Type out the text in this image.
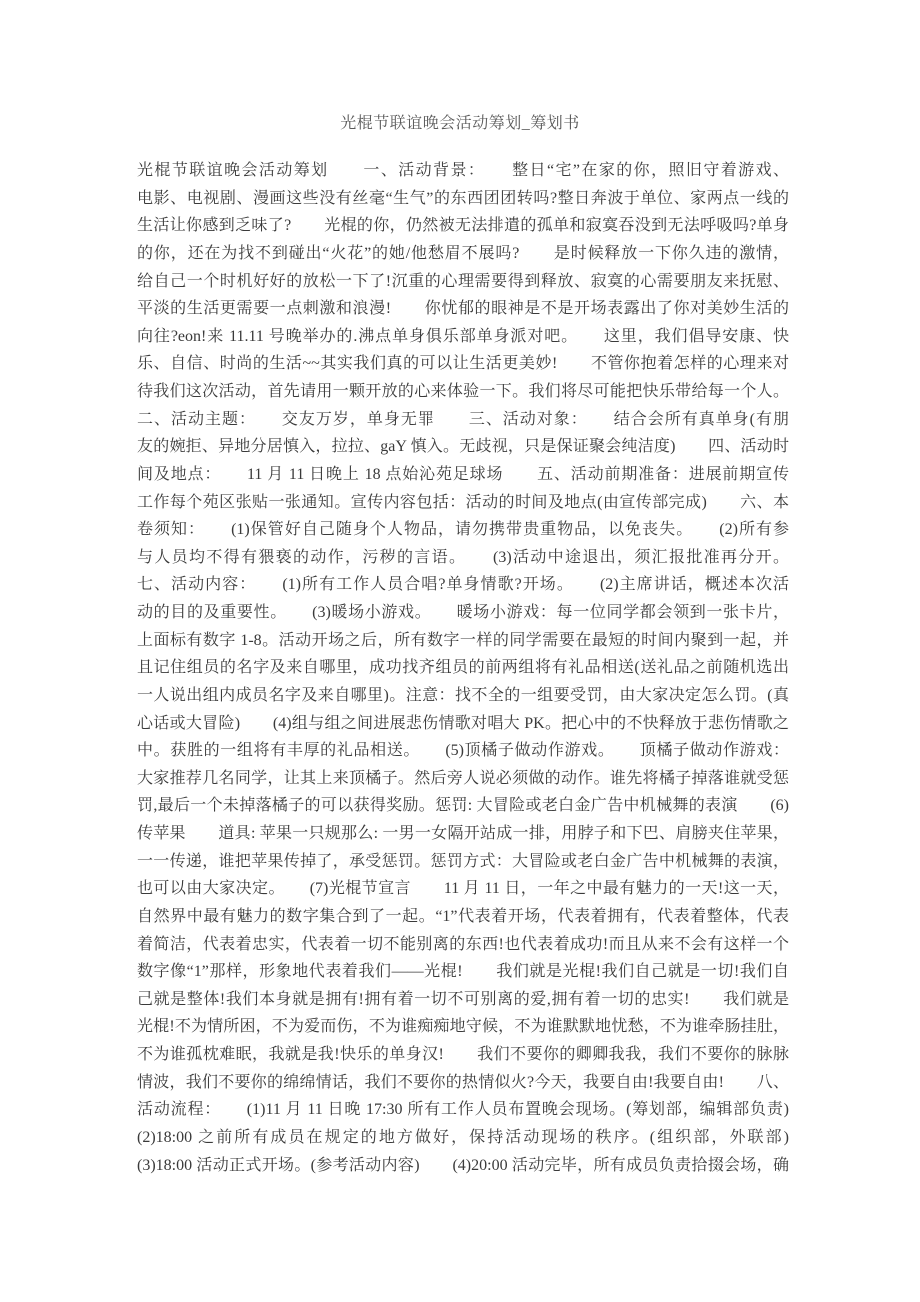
光棍节联谊晚会活动筹划_筹划书
光棍节联谊晚会活动筹划　　一、活动背景：　　整日“宅”在家的你，照旧守着游戏、
电影、电视剧、漫画这些没有丝毫“生气”的东西团团转吗?整日奔波于单位、家两点一线的
生活让你感到乏味了?　　光棍的你，仍然被无法排遣的孤单和寂寞吞没到无法呼吸吗?单身
的你，还在为找不到碰出“火花”的她/他愁眉不展吗?　　是时候释放一下你久违的激情，
给自己一个时机好好的放松一下了!沉重的心理需要得到释放、寂寞的心需要朋友来抚慰、
平淡的生活更需要一点刺激和浪漫!　　你忧郁的眼神是不是开场表露出了你对美妙生活的
向往?eon!来 11.11 号晚举办的.沸点单身俱乐部单身派对吧。　　这里，我们倡导安康、快
乐、自信、时尚的生活~~其实我们真的可以让生活更美妙!　　不管你抱着怎样的心理来对
待我们这次活动，首先请用一颗开放的心来体验一下。我们将尽可能把快乐带给每一个人。
二、活动主题：　　交友万岁，单身无罪　　三、活动对象：　　结合会所有真单身(有朋
友的婉拒、异地分居慎入，拉拉、gaY 慎入。无歧视，只是保证聚会纯洁度)　　四、活动时
间及地点：　　11 月 11 日晚上 18 点始沁苑足球场　　五、活动前期准备：进展前期宣传
工作每个苑区张贴一张通知。宣传内容包括：活动的时间及地点(由宣传部完成)　　六、本
卷须知：　　(1)保管好自己随身个人物品，请勿携带贵重物品，以免丧失。　　(2)所有参
与人员均不得有猥亵的动作，污秽的言语。　　(3)活动中途退出，须汇报批准再分开。
七、活动内容：　　(1)所有工作人员合唱?单身情歌?开场。　　(2)主席讲话，概述本次活
动的目的及重要性。　　(3)暖场小游戏。　　暖场小游戏：每一位同学都会领到一张卡片，
上面标有数字 1-8。活动开场之后，所有数字一样的同学需要在最短的时间内聚到一起，并
且记住组员的名字及来自哪里，成功找齐组员的前两组将有礼品相送(送礼品之前随机选出
一人说出组内成员名字及来自哪里)。注意：找不全的一组要受罚，由大家决定怎么罚。(真
心话或大冒险)　　(4)组与组之间进展悲伤情歌对唱大 PK。把心中的不快释放于悲伤情歌之
中。获胜的一组将有丰厚的礼品相送。　　(5)顶橘子做动作游戏。　　顶橘子做动作游戏：
大家推荐几名同学，让其上来顶橘子。然后旁人说必须做的动作。谁先将橘子掉落谁就受惩
罚,最后一个未掉落橘子的可以获得奖励。惩罚: 大冒险或老白金广告中机械舞的表演　　(6)
传苹果　　道具: 苹果一只规那么: 一男一女隔开站成一排，用脖子和下巴、肩膀夹住苹果，
一一传递，谁把苹果传掉了，承受惩罚。惩罚方式：大冒险或老白金广告中机械舞的表演，
也可以由大家决定。　　(7)光棍节宣言　　11 月 11 日，一年之中最有魅力的一天!这一天，
自然界中最有魅力的数字集合到了一起。“1”代表着开场，代表着拥有，代表着整体，代表
着简洁，代表着忠实，代表着一切不能别离的东西!也代表着成功!而且从来不会有这样一个
数字像“1”那样，形象地代表着我们——光棍!　　我们就是光棍!我们自己就是一切!我们自
己就是整体!我们本身就是拥有!拥有着一切不可别离的爱,拥有着一切的忠实!　　我们就是
光棍!不为情所困，不为爱而伤，不为谁痴痴地守候，不为谁默默地忧愁，不为谁牵肠挂肚，
不为谁孤枕难眠，我就是我!快乐的单身汉!　　我们不要你的卿卿我我，我们不要你的脉脉
情波，我们不要你的绵绵情话，我们不要你的热情似火?今天，我要自由!我要自由!　　八、
活动流程：　　(1)11 月 11 日晚 17:30 所有工作人员布置晚会现场。(筹划部，编辑部负责)
(2)18:00 之前所有成员在规定的地方做好，保持活动现场的秩序。(组织部，外联部)
(3)18:00 活动正式开场。(参考活动内容)　　(4)20:00 活动完毕，所有成员负责拾掇会场，确
